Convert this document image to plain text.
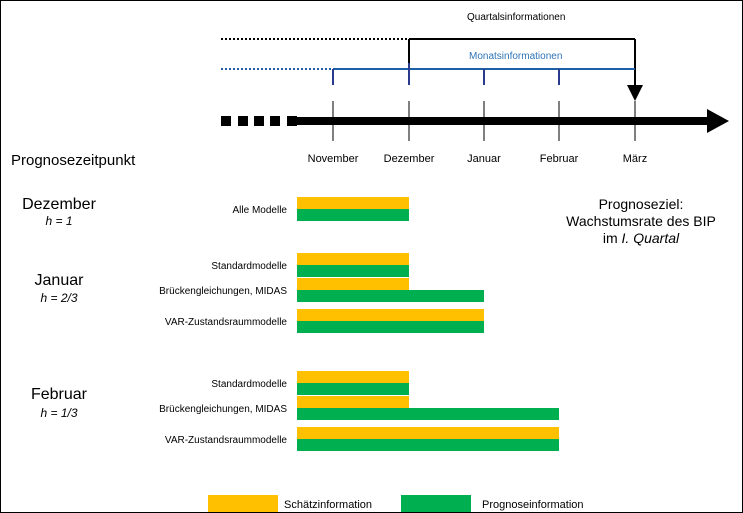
Quartalsinformationen
Monatsinformationen
November Dezember	Januar	Februar	März
Prognosezeitpunkt
Prognoseziel:
Wachstumsrate des BIP
im I. Quartal
Dezember
h = 1
Alle Modelle
Januar
h = 2/3
Standardmodelle
Brückengleichungen, MIDAS
VAR-Zustandsraummodelle
Februar
h = 1/3
Standardmodelle
Brückengleichungen, MIDAS
VAR-Zustandsraummodelle
Schätzinformation	Prognoseinformation
